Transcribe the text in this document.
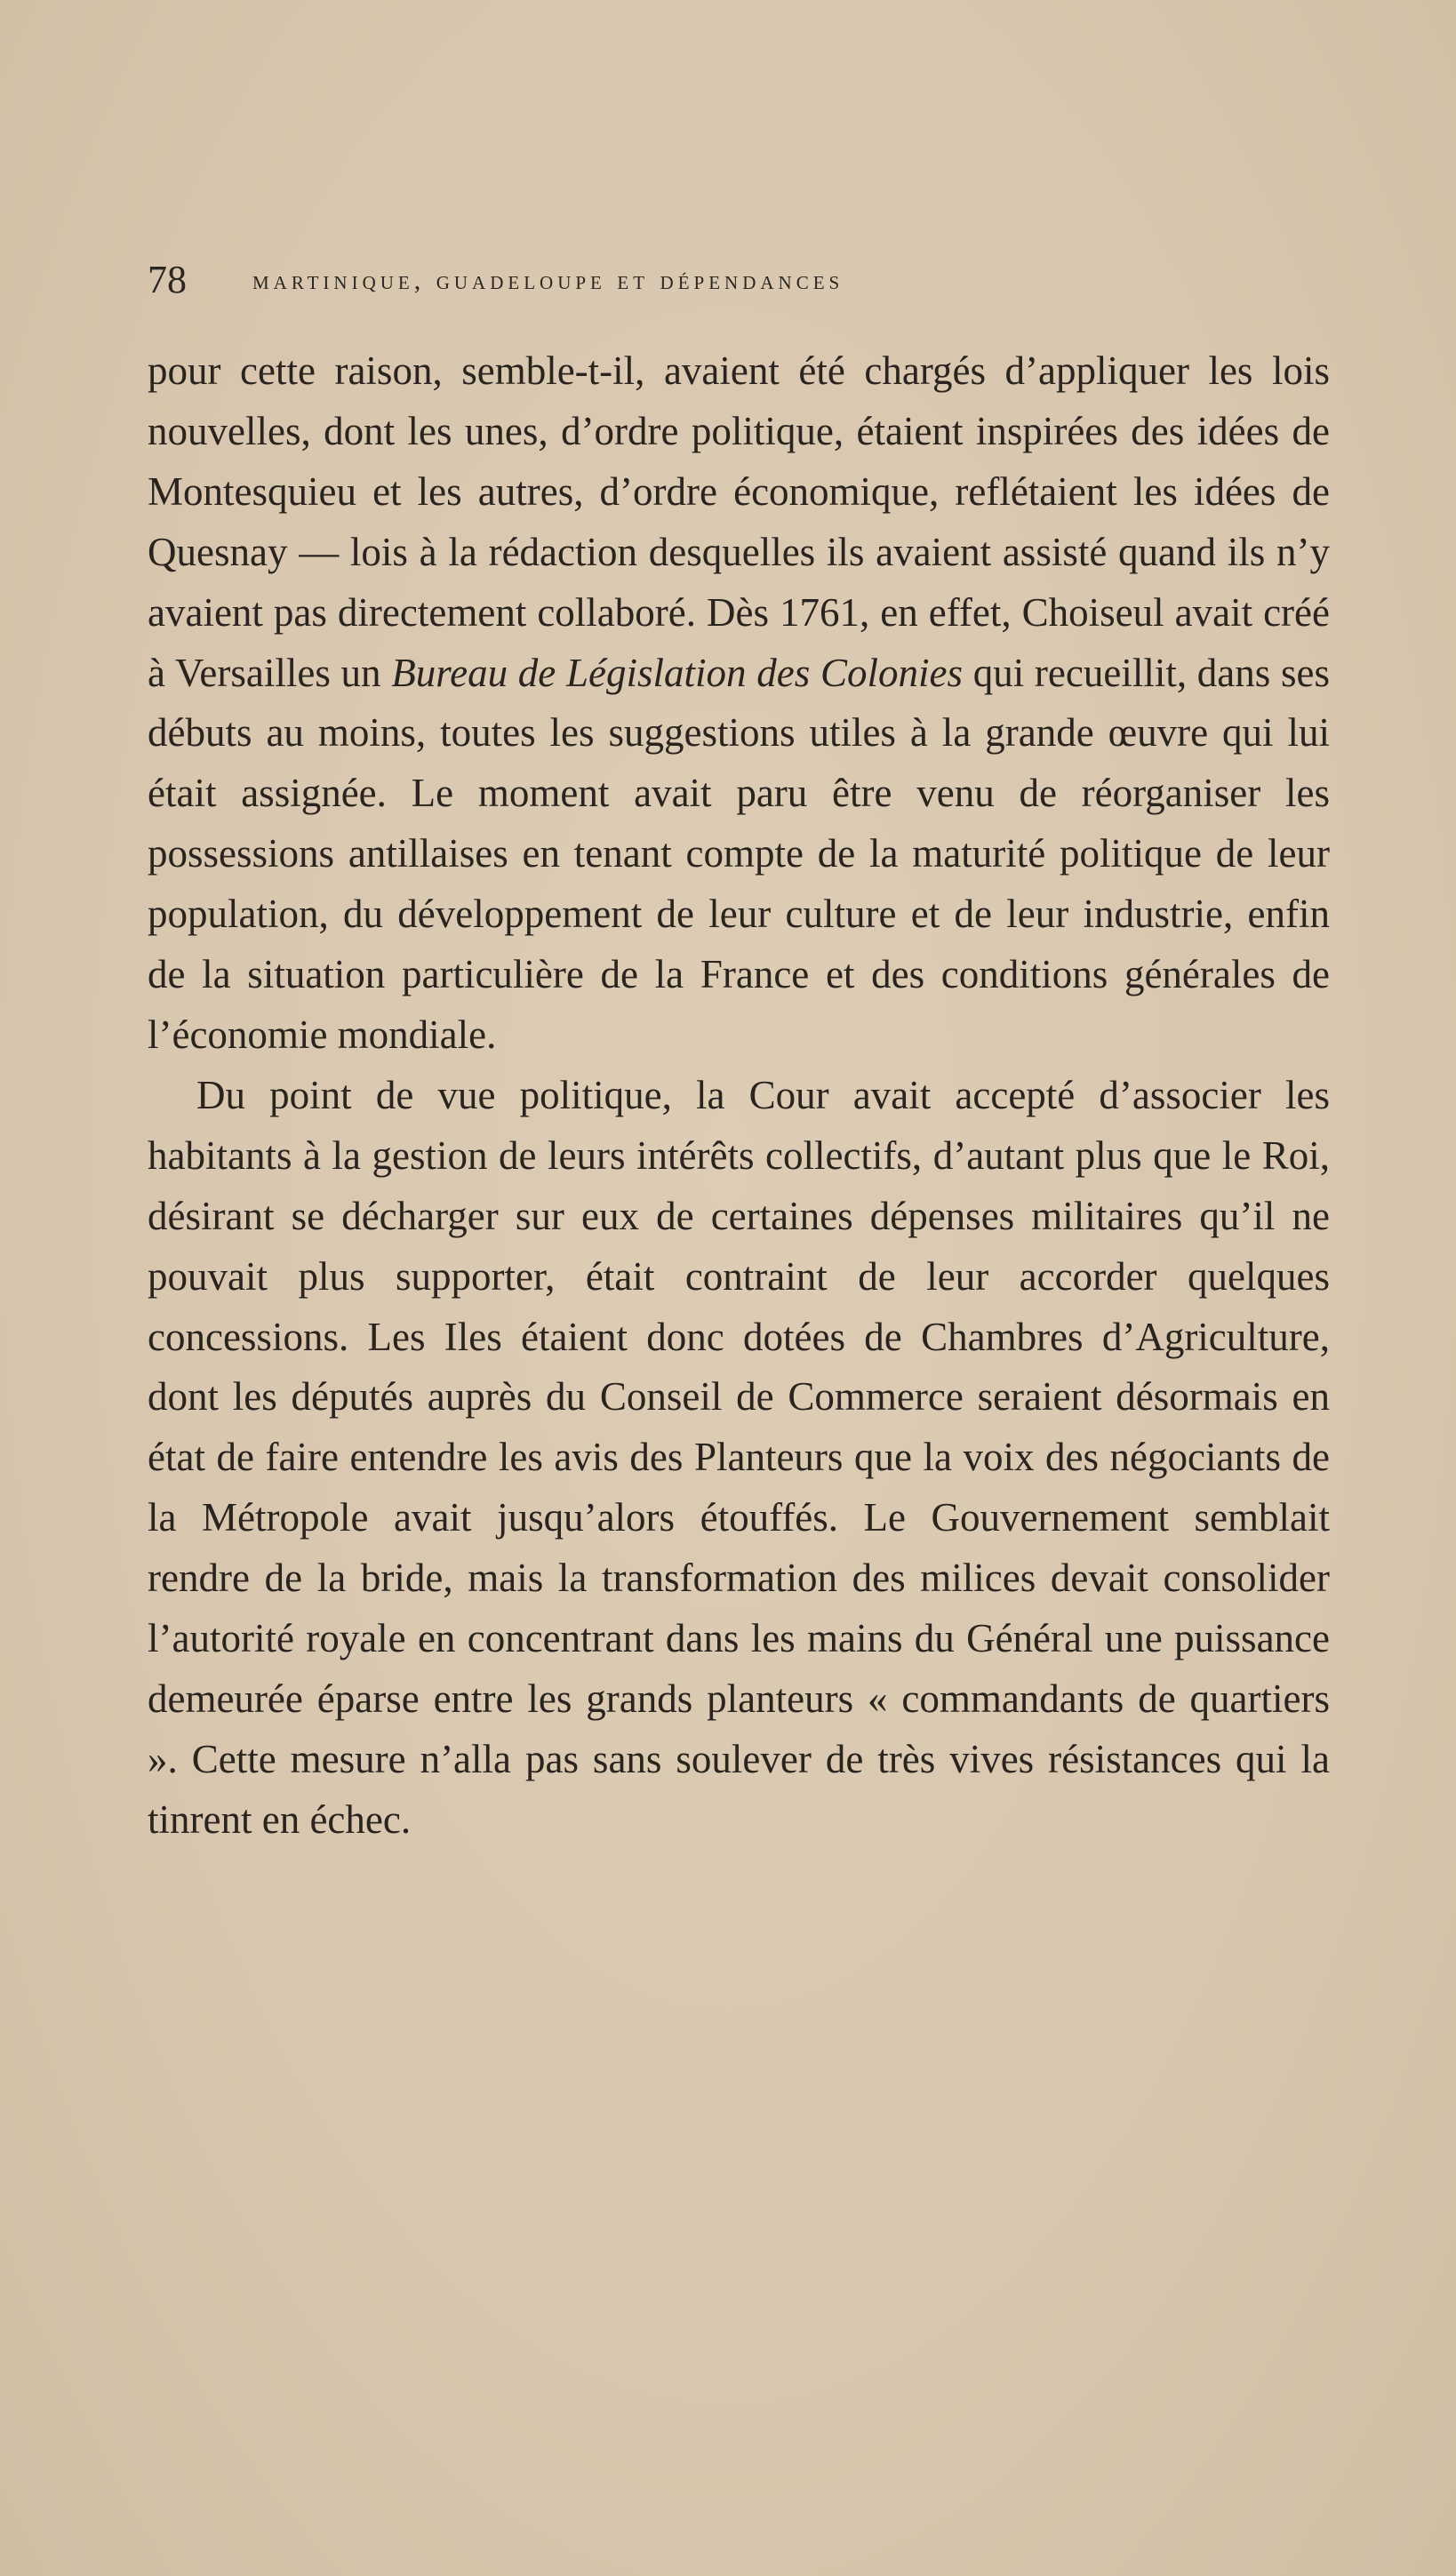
78 martinique, guadeloupe et dépendances

pour cette raison, semble-t-il, avaient été chargés d’appliquer les lois nouvelles, dont les unes, d’ordre politique, étaient inspirées des idées de Montesquieu et les autres, d’ordre économique, reflétaient les idées de Quesnay — lois à la rédaction desquelles ils avaient assisté quand ils n’y avaient pas directement collaboré. Dès 1761, en effet, Choiseul avait créé à Versailles un Bureau de Législation des Colonies qui recueillit, dans ses débuts au moins, toutes les suggestions utiles à la grande œuvre qui lui était assignée. Le moment avait paru être venu de réorganiser les possessions antillaises en tenant compte de la maturité politique de leur population, du développement de leur culture et de leur industrie, enfin de la situation particulière de la France et des conditions générales de l’économie mondiale.

Du point de vue politique, la Cour avait accepté d’associer les habitants à la gestion de leurs intérêts collectifs, d’autant plus que le Roi, désirant se décharger sur eux de certaines dépenses militaires qu’il ne pouvait plus supporter, était contraint de leur accorder quelques concessions. Les Iles étaient donc dotées de Chambres d’Agriculture, dont les députés auprès du Conseil de Commerce seraient désormais en état de faire entendre les avis des Planteurs que la voix des négociants de la Métropole avait jusqu’alors étouffés. Le Gouvernement semblait rendre de la bride, mais la transformation des milices devait consolider l’autorité royale en concentrant dans les mains du Général une puissance demeurée éparse entre les grands planteurs « commandants de quartiers ». Cette mesure n’alla pas sans soulever de très vives résistances qui la tinrent en échec.
